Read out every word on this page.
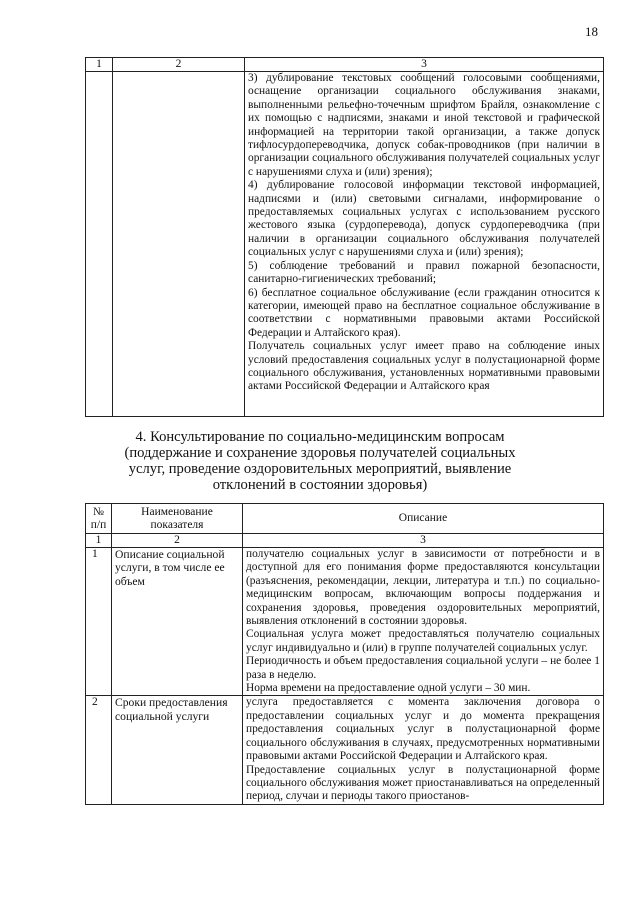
18
1	2	3

		3) дублирование текстовых сообщений голосовыми сообщениями, оснащение организации социального обслуживания знаками, выполненными рельефно-точечным шрифтом Брайля, ознакомление с их помощью с надписями, знаками и иной текстовой и графической информацией на территории такой организации, а также допуск тифлосурдопереводчика, допуск собак-проводников (при наличии в организации социального обслуживания получателей социальных услуг с нарушениями слуха и (или) зрения);

4) дублирование голосовой информации текстовой информацией, надписями и (или) световыми сигналами, информирование о предоставляемых социальных услугах с использованием русского жестового языка (сурдоперевода), допуск сурдопереводчика (при наличии в организации социального обслуживания получателей социальных услуг с нарушениями слуха и (или) зрения);

5) соблюдение требований и правил пожарной безопасности, санитарно-гигиенических требований;

6) бесплатное социальное обслуживание (если гражданин относится к категории, имеющей право на бесплатное социальное обслуживание в соответствии с нормативными правовыми актами Российской Федерации и Алтайского края).

Получатель социальных услуг имеет право на соблюдение иных условий предоставления социальных услуг в полустационарной форме социального обслуживания, установленных нормативными правовыми актами Российской Федерации и Алтайского края

4. Консультирование по социально-медицинским вопросам
(поддержание и сохранение здоровья получателей социальных
услуг, проведение оздоровительных мероприятий, выявление
отклонений в состоянии здоровья)
№ п/п	Наименование показателя	Описание
1	2	3
1	Описание социальной услуги, в том числе ее объем	получателю социальных услуг в зависимости от потребности и в доступной для его понимания форме предоставляются консультации (разъяснения, рекомендации, лекции, литература и т.п.) по социально-медицинским вопросам, включающим вопросы поддержания и сохранения здоровья, проведения оздоровительных мероприятий, выявления отклонений в состоянии здоровья.

Социальная услуга может предоставляться получателю социальных услуг индивидуально и (или) в группе получателей социальных услуг.

Периодичность и объем предоставления социальной услуги – не более 1 раза в неделю.

Норма времени на предоставление одной услуги – 30 мин.

2	Сроки предоставления социальной услуги	услуга предоставляется с момента заключения договора о предоставлении социальных услуг и до момента прекращения предоставления социальных услуг в полустационарной форме социального обслуживания в случаях, предусмотренных нормативными правовыми актами Российской Федерации и Алтайского края.

Предоставление социальных услуг в полустационарной форме социального обслуживания может приостанавливаться на определенный период, случаи и периоды такого приостанов-
